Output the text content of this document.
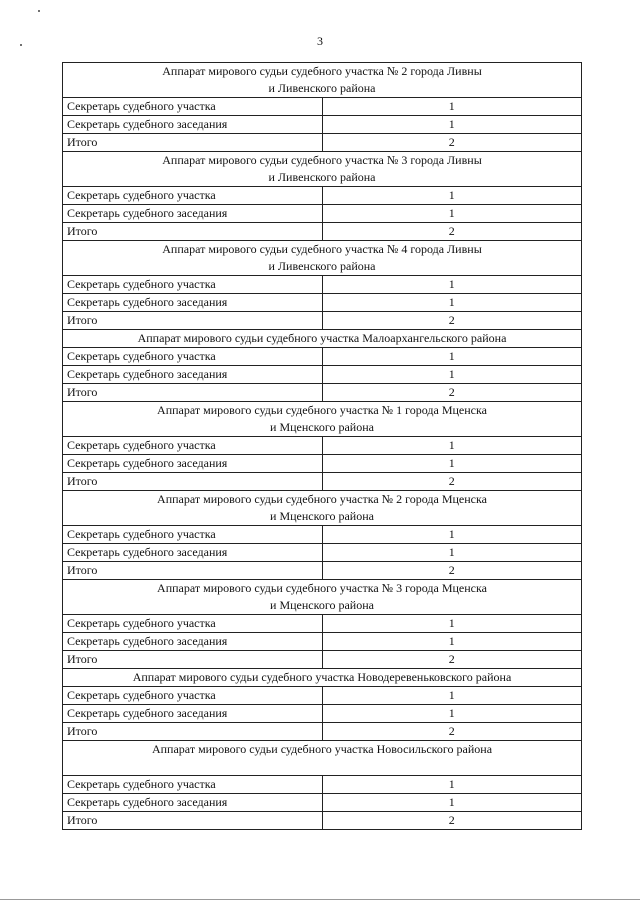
3
Аппарат мирового судьи судебного участка № 2 города Ливны
и Ливенского района	

Секретарь судебного участка	1
Секретарь судебного заседания	1
Итого	2

Аппарат мирового судьи судебного участка № 3 города Ливны
и Ливенского района	

Секретарь судебного участка	1
Секретарь судебного заседания	1
Итого	2

Аппарат мирового судьи судебного участка № 4 города Ливны
и Ливенского района	

Секретарь судебного участка	1
Секретарь судебного заседания	1
Итого	2

Аппарат мирового судьи судебного участка Малоархангельского района	

Секретарь судебного участка	1
Секретарь судебного заседания	1
Итого	2

Аппарат мирового судьи судебного участка № 1 города Мценска
и Мценского района	

Секретарь судебного участка	1
Секретарь судебного заседания	1
Итого	2

Аппарат мирового судьи судебного участка № 2 города Мценска
и Мценского района	

Секретарь судебного участка	1
Секретарь судебного заседания	1
Итого	2

Аппарат мирового судьи судебного участка № 3 города Мценска
и Мценского района	

Секретарь судебного участка	1
Секретарь судебного заседания	1
Итого	2

Аппарат мирового судьи судебного участка Новодеревеньковского района	

Секретарь судебного участка	1
Секретарь судебного заседания	1
Итого	2

Аппарат мирового судьи судебного участка Новосильского района	

Секретарь судебного участка	1
Секретарь судебного заседания	1
Итого	2
